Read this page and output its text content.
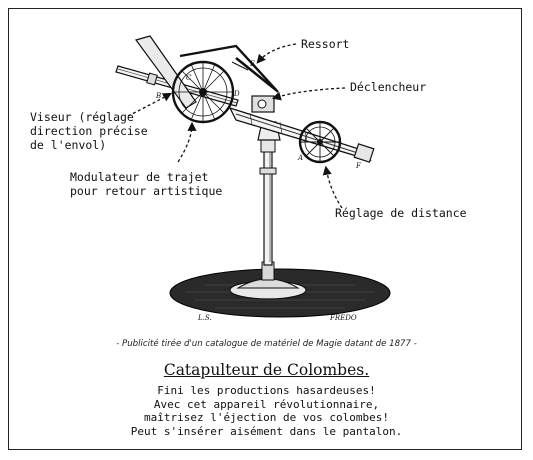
B
C
D
E
A
F
L.S.	FREDO
Ressort
Déclencheur
Viseur (réglage
direction précise
de l'envol)
Modulateur de trajet
pour retour artistique
Réglage de distance
- Publicité tirée d'un catalogue de matériel de Magie datant de 1877 -
Catapulteur de Colombes.
Fini les productions hasardeuses!
Avec cet appareil révolutionnaire,
maîtrisez l'éjection de vos colombes!
Peut s'insérer aisément dans le pantalon.
